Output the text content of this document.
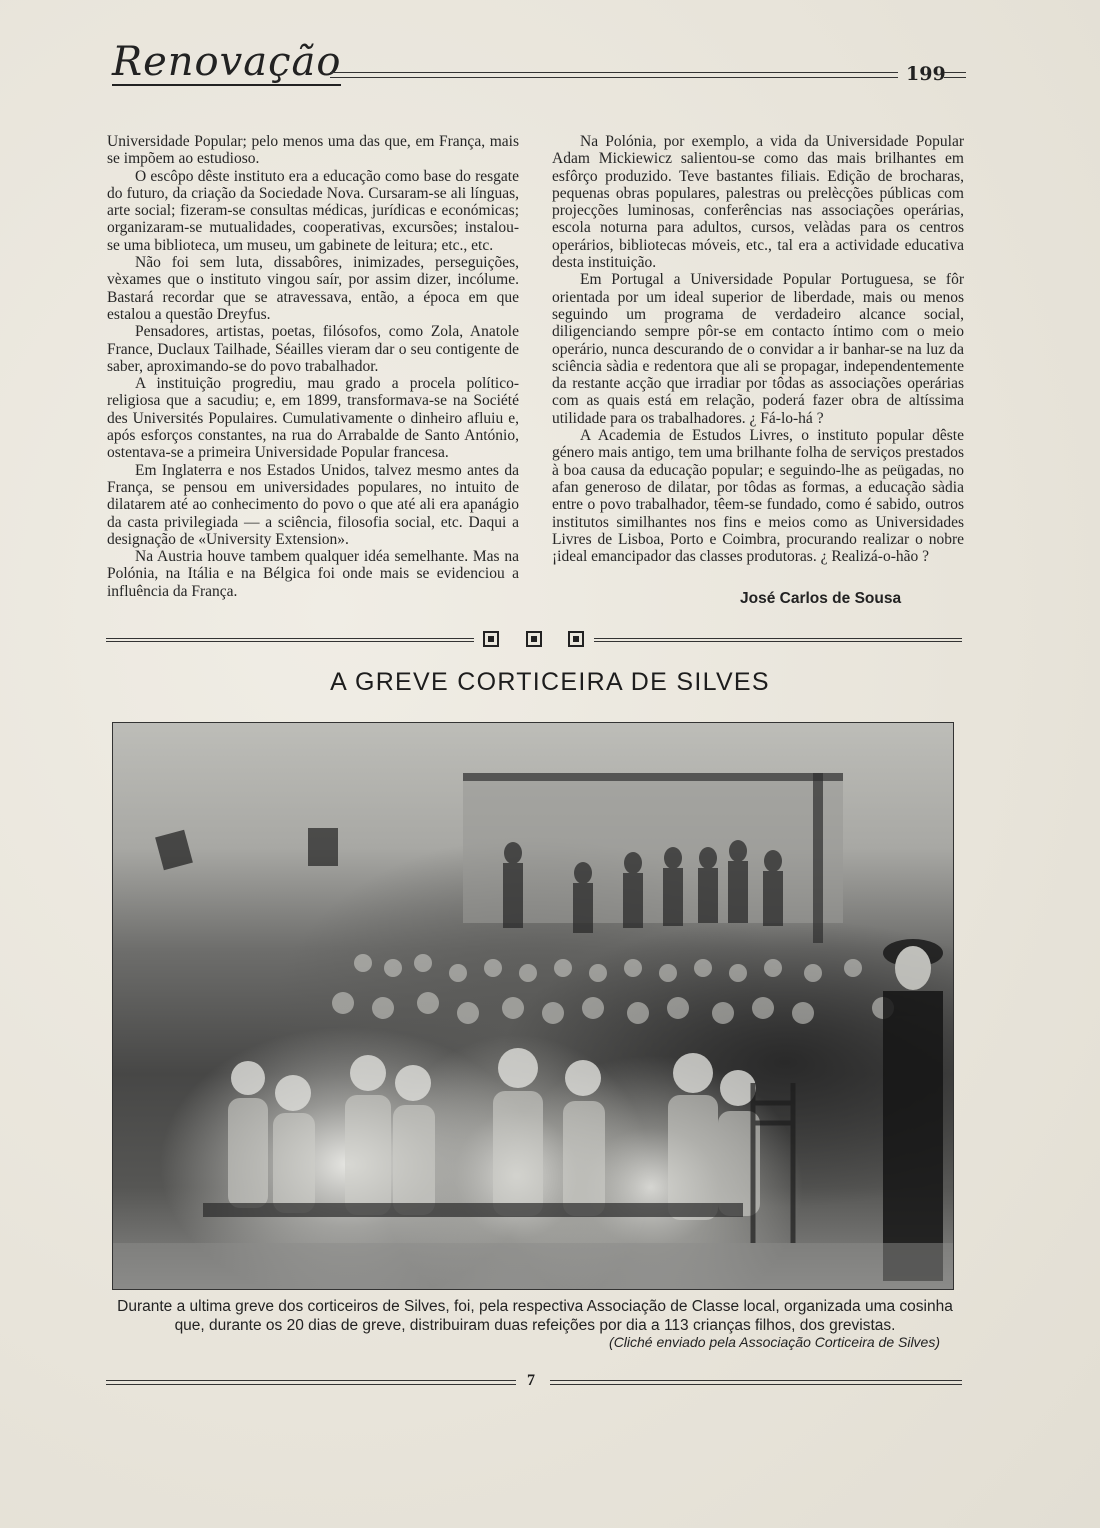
Renovação	199

Universidade Popular; pelo menos uma das que, em França, mais se impõem ao estudioso.

O escôpo dêste instituto era a educação como base do resgate do futuro, da criação da Sociedade Nova. Cursaram-se ali línguas, arte social; fizeram-se consultas médicas, jurídicas e económicas; organizaram-se mutualidades, cooperativas, excursões; instalou-se uma biblioteca, um museu, um gabinete de leitura; etc., etc.

Não foi sem luta, dissabôres, inimizades, perseguições, vèxames que o instituto vingou saír, por assim dizer, incólume. Bastará recordar que se atravessava, então, a época em que estalou a questão Dreyfus.

Pensadores, artistas, poetas, filósofos, como Zola, Anatole France, Duclaux Tailhade, Séailles vieram dar o seu contigente de saber, aproximando-se do povo trabalhador.

A instituição progrediu, mau grado a procela político-religiosa que a sacudiu; e, em 1899, transformava-se na Société des Universités Populaires. Cumulativamente o dinheiro afluiu e, após esforços constantes, na rua do Arrabalde de Santo António, ostentava-se a primeira Universidade Popular francesa.

Em Inglaterra e nos Estados Unidos, talvez mesmo antes da França, se pensou em universidades populares, no intuito de dilatarem até ao conhecimento do povo o que até ali era apanágio da casta privilegiada — a sciência, filosofia social, etc. Daqui a designação de «University Extension».

Na Austria houve tambem qualquer idéa semelhante. Mas na Polónia, na Itália e na Bélgica foi onde mais se evidenciou a influência da França.

Na Polónia, por exemplo, a vida da Universidade Popular Adam Mickiewicz salientou-se como das mais brilhantes em esfôrço produzido. Teve bastantes filiais. Edição de brocharas, pequenas obras populares, palestras ou prelècções públicas com projecções luminosas, conferências nas associações operárias, escola noturna para adultos, cursos, velàdas para os centros operários, bibliotecas móveis, etc., tal era a actividade educativa desta instituição.

Em Portugal a Universidade Popular Portuguesa, se fôr orientada por um ideal superior de liberdade, mais ou menos seguindo um programa de verdadeiro alcance social, diligenciando sempre pôr-se em contacto íntimo com o meio operário, nunca descurando de o convidar a ir banhar-se na luz da sciência sàdia e redentora que ali se propagar, independentemente da restante acção que irradiar por tôdas as associações operárias com as quais está em relação, poderá fazer obra de altíssima utilidade para os trabalhadores. ¿ Fá-lo-há ?

A Academia de Estudos Livres, o instituto popular dêste género mais antigo, tem uma brilhante folha de serviços prestados à boa causa da educação popular; e seguindo-lhe as peügadas, no afan generoso de dilatar, por tôdas as formas, a educação sàdia entre o povo trabalhador, têem-se fundado, como é sabido, outros institutos similhantes nos fins e meios como as Universidades Livres de Lisboa, Porto e Coimbra, procurando realizar o nobre ¡ideal emancipador das classes produtoras. ¿ Realizá-o-hão ?

José Carlos de Sousa
A GREVE CORTICEIRA DE SILVES
Durante a ultima greve dos corticeiros de Silves, foi, pela respectiva Associação de Classe local, organizada uma cosinha
que, durante os 20 dias de greve, distribuiram duas refeições por dia a 113 crianças filhos, dos grevistas.
(Cliché enviado pela Associação Corticeira de Silves)
7
